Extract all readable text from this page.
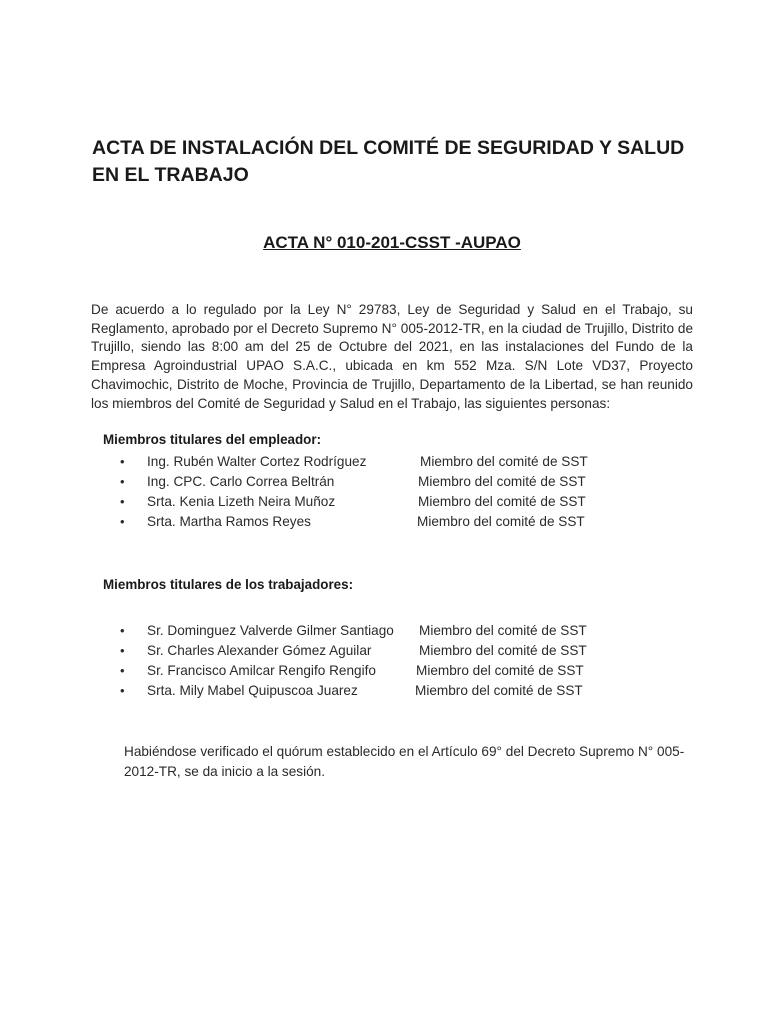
ACTA DE INSTALACIÓN DEL COMITÉ DE SEGURIDAD Y SALUD EN EL TRABAJO
ACTA N° 010-201-CSST -AUPAO

De acuerdo a lo regulado por la Ley N° 29783, Ley de Seguridad y Salud en el Trabajo, su Reglamento, aprobado por el Decreto Supremo N° 005-2012-TR, en la ciudad de Trujillo, Distrito de Trujillo, siendo las 8:00 am del 25 de Octubre del 2021, en las instalaciones del Fundo de la Empresa Agroindustrial UPAO S.A.C., ubicada en km 552 Mza. S/N Lote VD37, Proyecto Chavimochic, Distrito de Moche, Provincia de Trujillo, Departamento de la Libertad, se han reunido los miembros del Comité de Seguridad y Salud en el Trabajo, las siguientes personas:

Miembros titulares del empleador:
• Ing. Rubén Walter Cortez Rodríguez	Miembro del comité de SST
• Ing. CPC. Carlo Correa Beltrán	Miembro del comité de SST
• Srta. Kenia Lizeth Neira Muñoz	Miembro del comité de SST
• Srta. Martha Ramos Reyes	Miembro del comité de SST
Miembros titulares de los trabajadores:
• Sr. Dominguez Valverde Gilmer Santiago Miembro del comité de SST
• Sr. Charles Alexander Gómez Aguilar	Miembro del comité de SST
• Sr. Francisco Amilcar Rengifo Rengifo	Miembro del comité de SST
• Srta. Mily Mabel Quipuscoa Juarez	Miembro del comité de SST

Habiéndose verificado el quórum establecido en el Artículo 69° del Decreto Supremo N° 005-2012-TR, se da inicio a la sesión.
